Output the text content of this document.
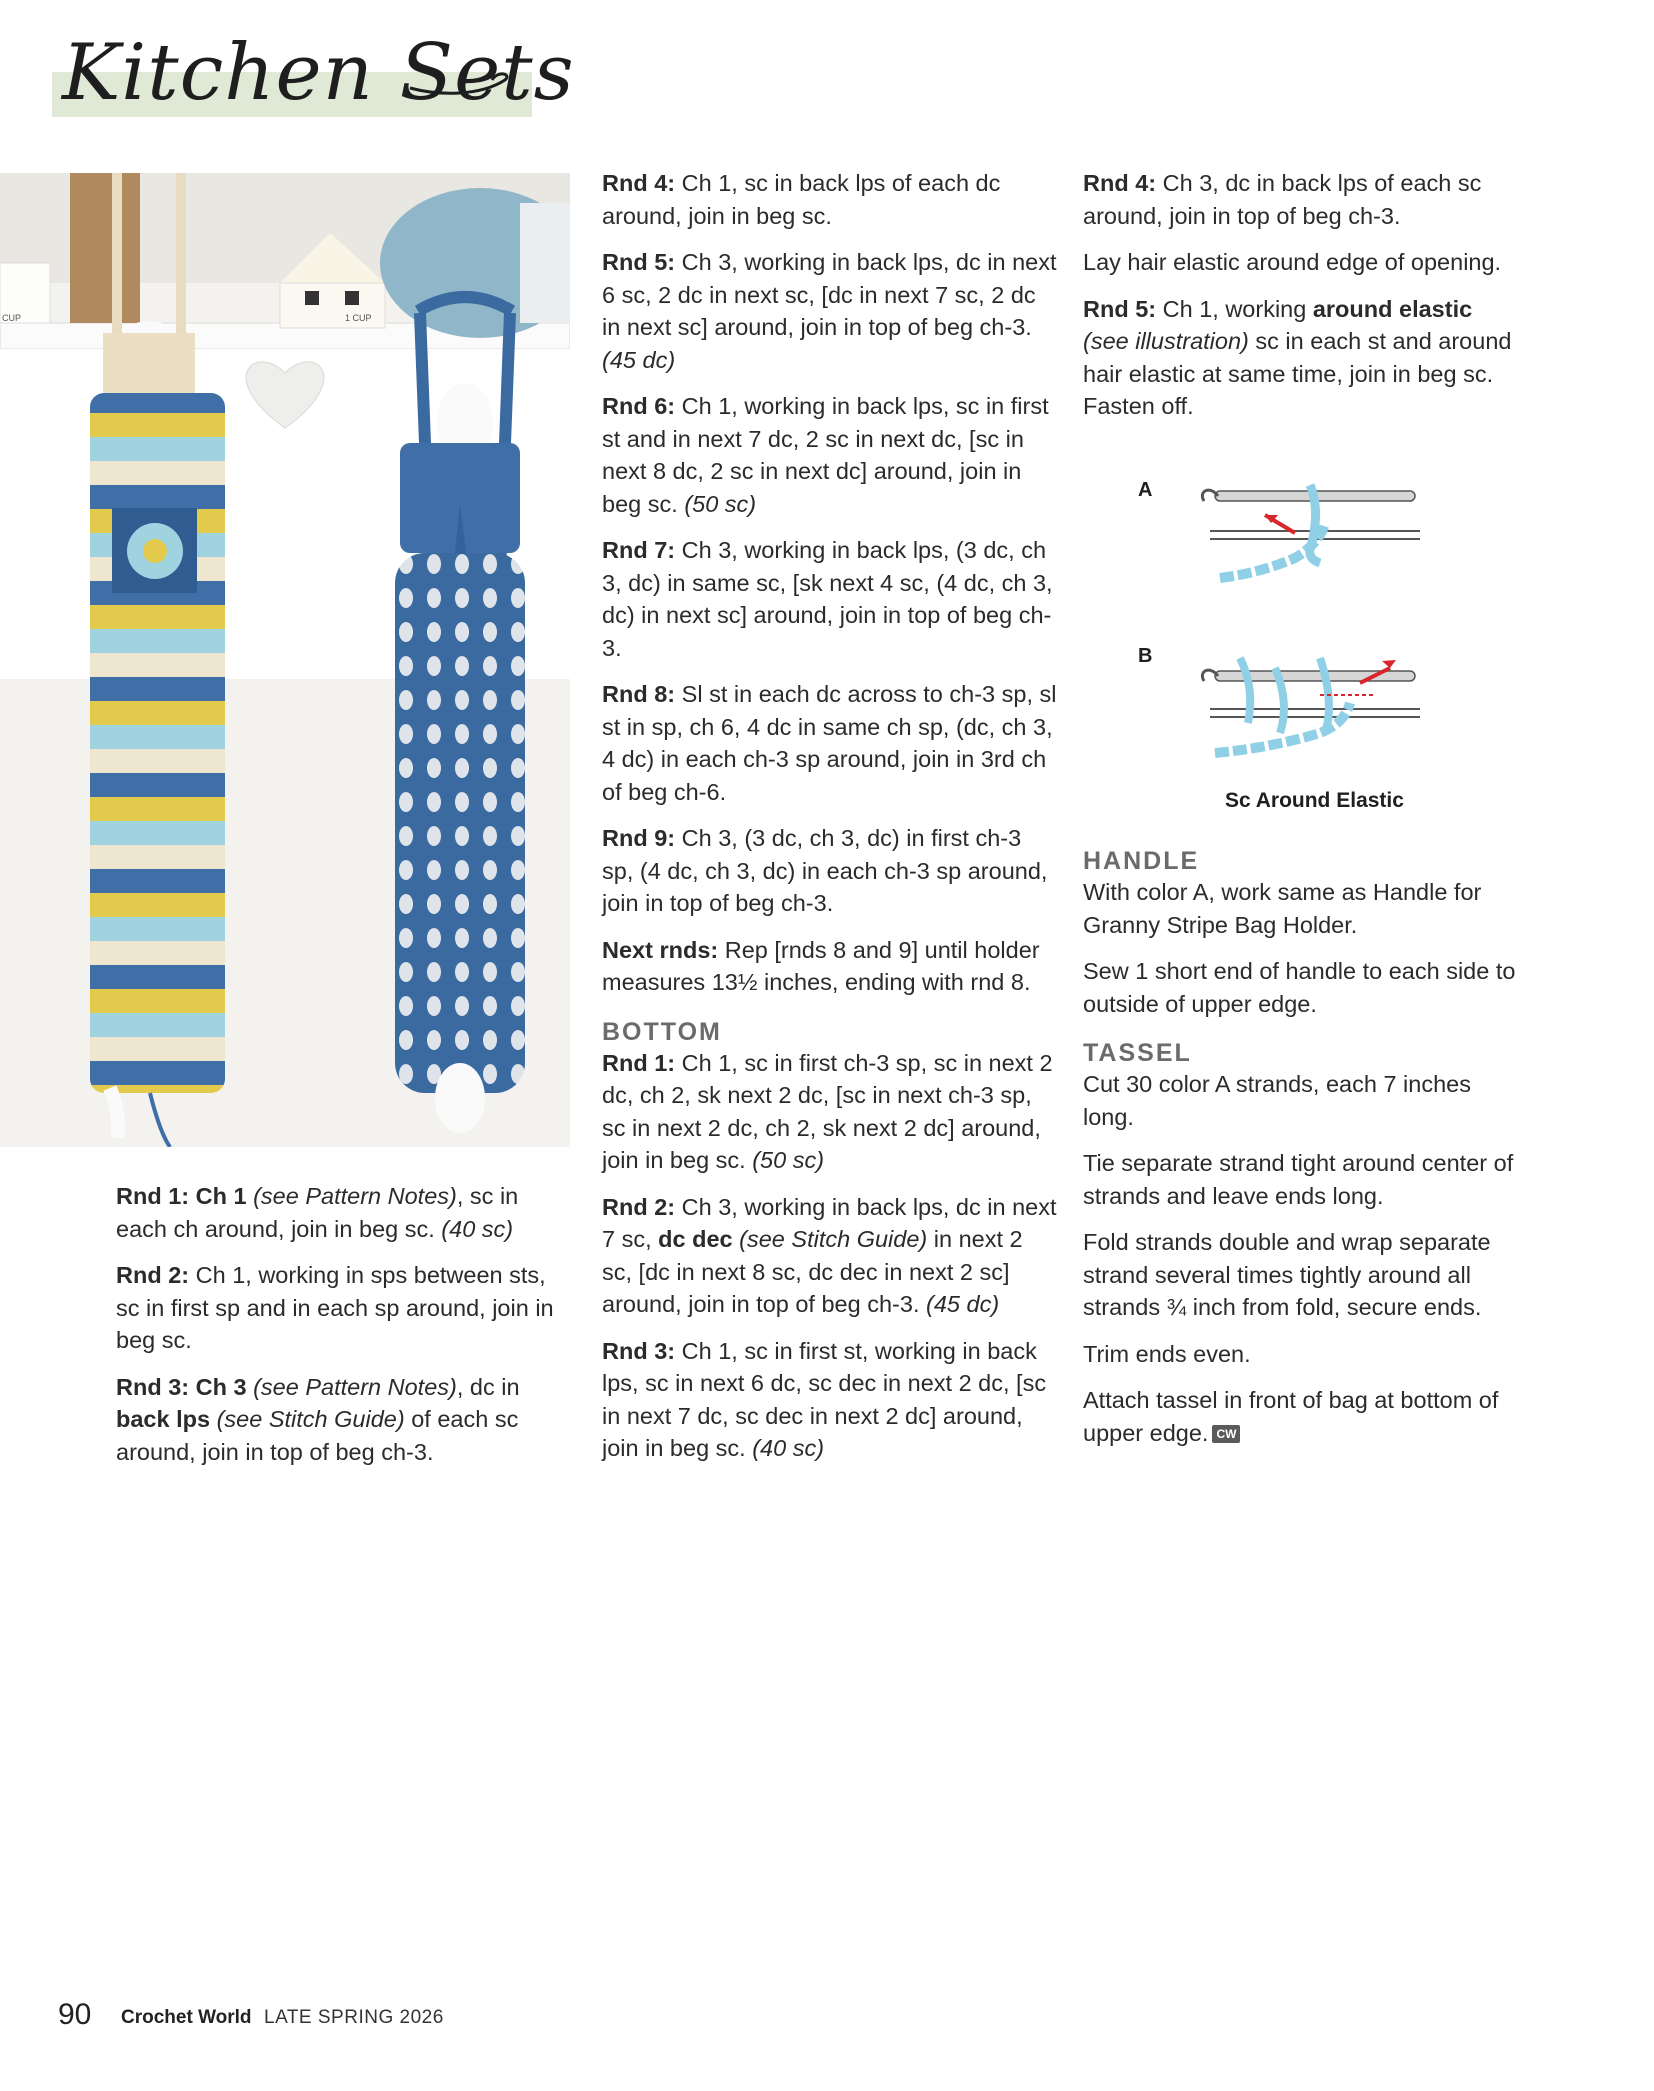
Kitchen Sets
CUP	1 CUP

Rnd 1: Ch 1 (see Pattern Notes), sc in each ch around, join in beg sc. (40 sc)

Rnd 2: Ch 1, working in sps between sts, sc in first sp and in each sp around, join in beg sc.

Rnd 3: Ch 3 (see Pattern Notes), dc in back lps (see Stitch Guide) of each sc around, join in top of beg ch-3.

Rnd 4: Ch 1, sc in back lps of each dc around, join in beg sc.

Rnd 5: Ch 3, working in back lps, dc in next 6 sc, 2 dc in next sc, [dc in next 7 sc, 2 dc in next sc] around, join in top of beg ch-3. (45 dc)

Rnd 6: Ch 1, working in back lps, sc in first st and in next 7 dc, 2 sc in next dc, [sc in next 8 dc, 2 sc in next dc] around, join in beg sc. (50 sc)

Rnd 7: Ch 3, working in back lps, (3 dc, ch 3, dc) in same sc, [sk next 4 sc, (4 dc, ch 3, dc) in next sc] around, join in top of beg ch-3.

Rnd 8: Sl st in each dc across to ch-3 sp, sl st in sp, ch 6, 4 dc in same ch sp, (dc, ch 3, 4 dc) in each ch-3 sp around, join in 3rd ch of beg ch-6.

Rnd 9: Ch 3, (3 dc, ch 3, dc) in first ch-3 sp, (4 dc, ch 3, dc) in each ch-3 sp around, join in top of beg ch-3.

Next rnds: Rep [rnds 8 and 9] until holder measures 13½ inches, ending with rnd 8.

BOTTOM

Rnd 1: Ch 1, sc in first ch-3 sp, sc in next 2 dc, ch 2, sk next 2 dc, [sc in next ch-3 sp, sc in next 2 dc, ch 2, sk next 2 dc] around, join in beg sc. (50 sc)

Rnd 2: Ch 3, working in back lps, dc in next 7 sc, dc dec (see Stitch Guide) in next 2 sc, [dc in next 8 sc, dc dec in next 2 sc] around, join in top of beg ch-3. (45 dc)

Rnd 3: Ch 1, sc in first st, working in back lps, sc in next 6 dc, sc dec in next 2 dc, [sc in next 7 dc, sc dec in next 2 dc] around, join in beg sc. (40 sc)

Rnd 4: Ch 3, dc in back lps of each sc around, join in top of beg ch-3.

Lay hair elastic around edge of opening.

Rnd 5: Ch 1, working around elastic
(see illustration) sc in each st and around hair elastic at same time, join in beg sc. Fasten off.

A
B
Sc Around Elastic

HANDLE

With color A, work same as Handle for Granny Stripe Bag Holder.

Sew 1 short end of handle to each side to outside of upper edge.

TASSEL

Cut 30 color A strands, each 7 inches long.

Tie separate strand tight around center of strands and leave ends long.

Fold strands double and wrap separate strand several times tightly around all strands ¾ inch from fold, secure ends.

Trim ends even.

Attach tassel in front of bag at bottom of upper edge. CW

90 Crochet World LATE SPRING 2026
